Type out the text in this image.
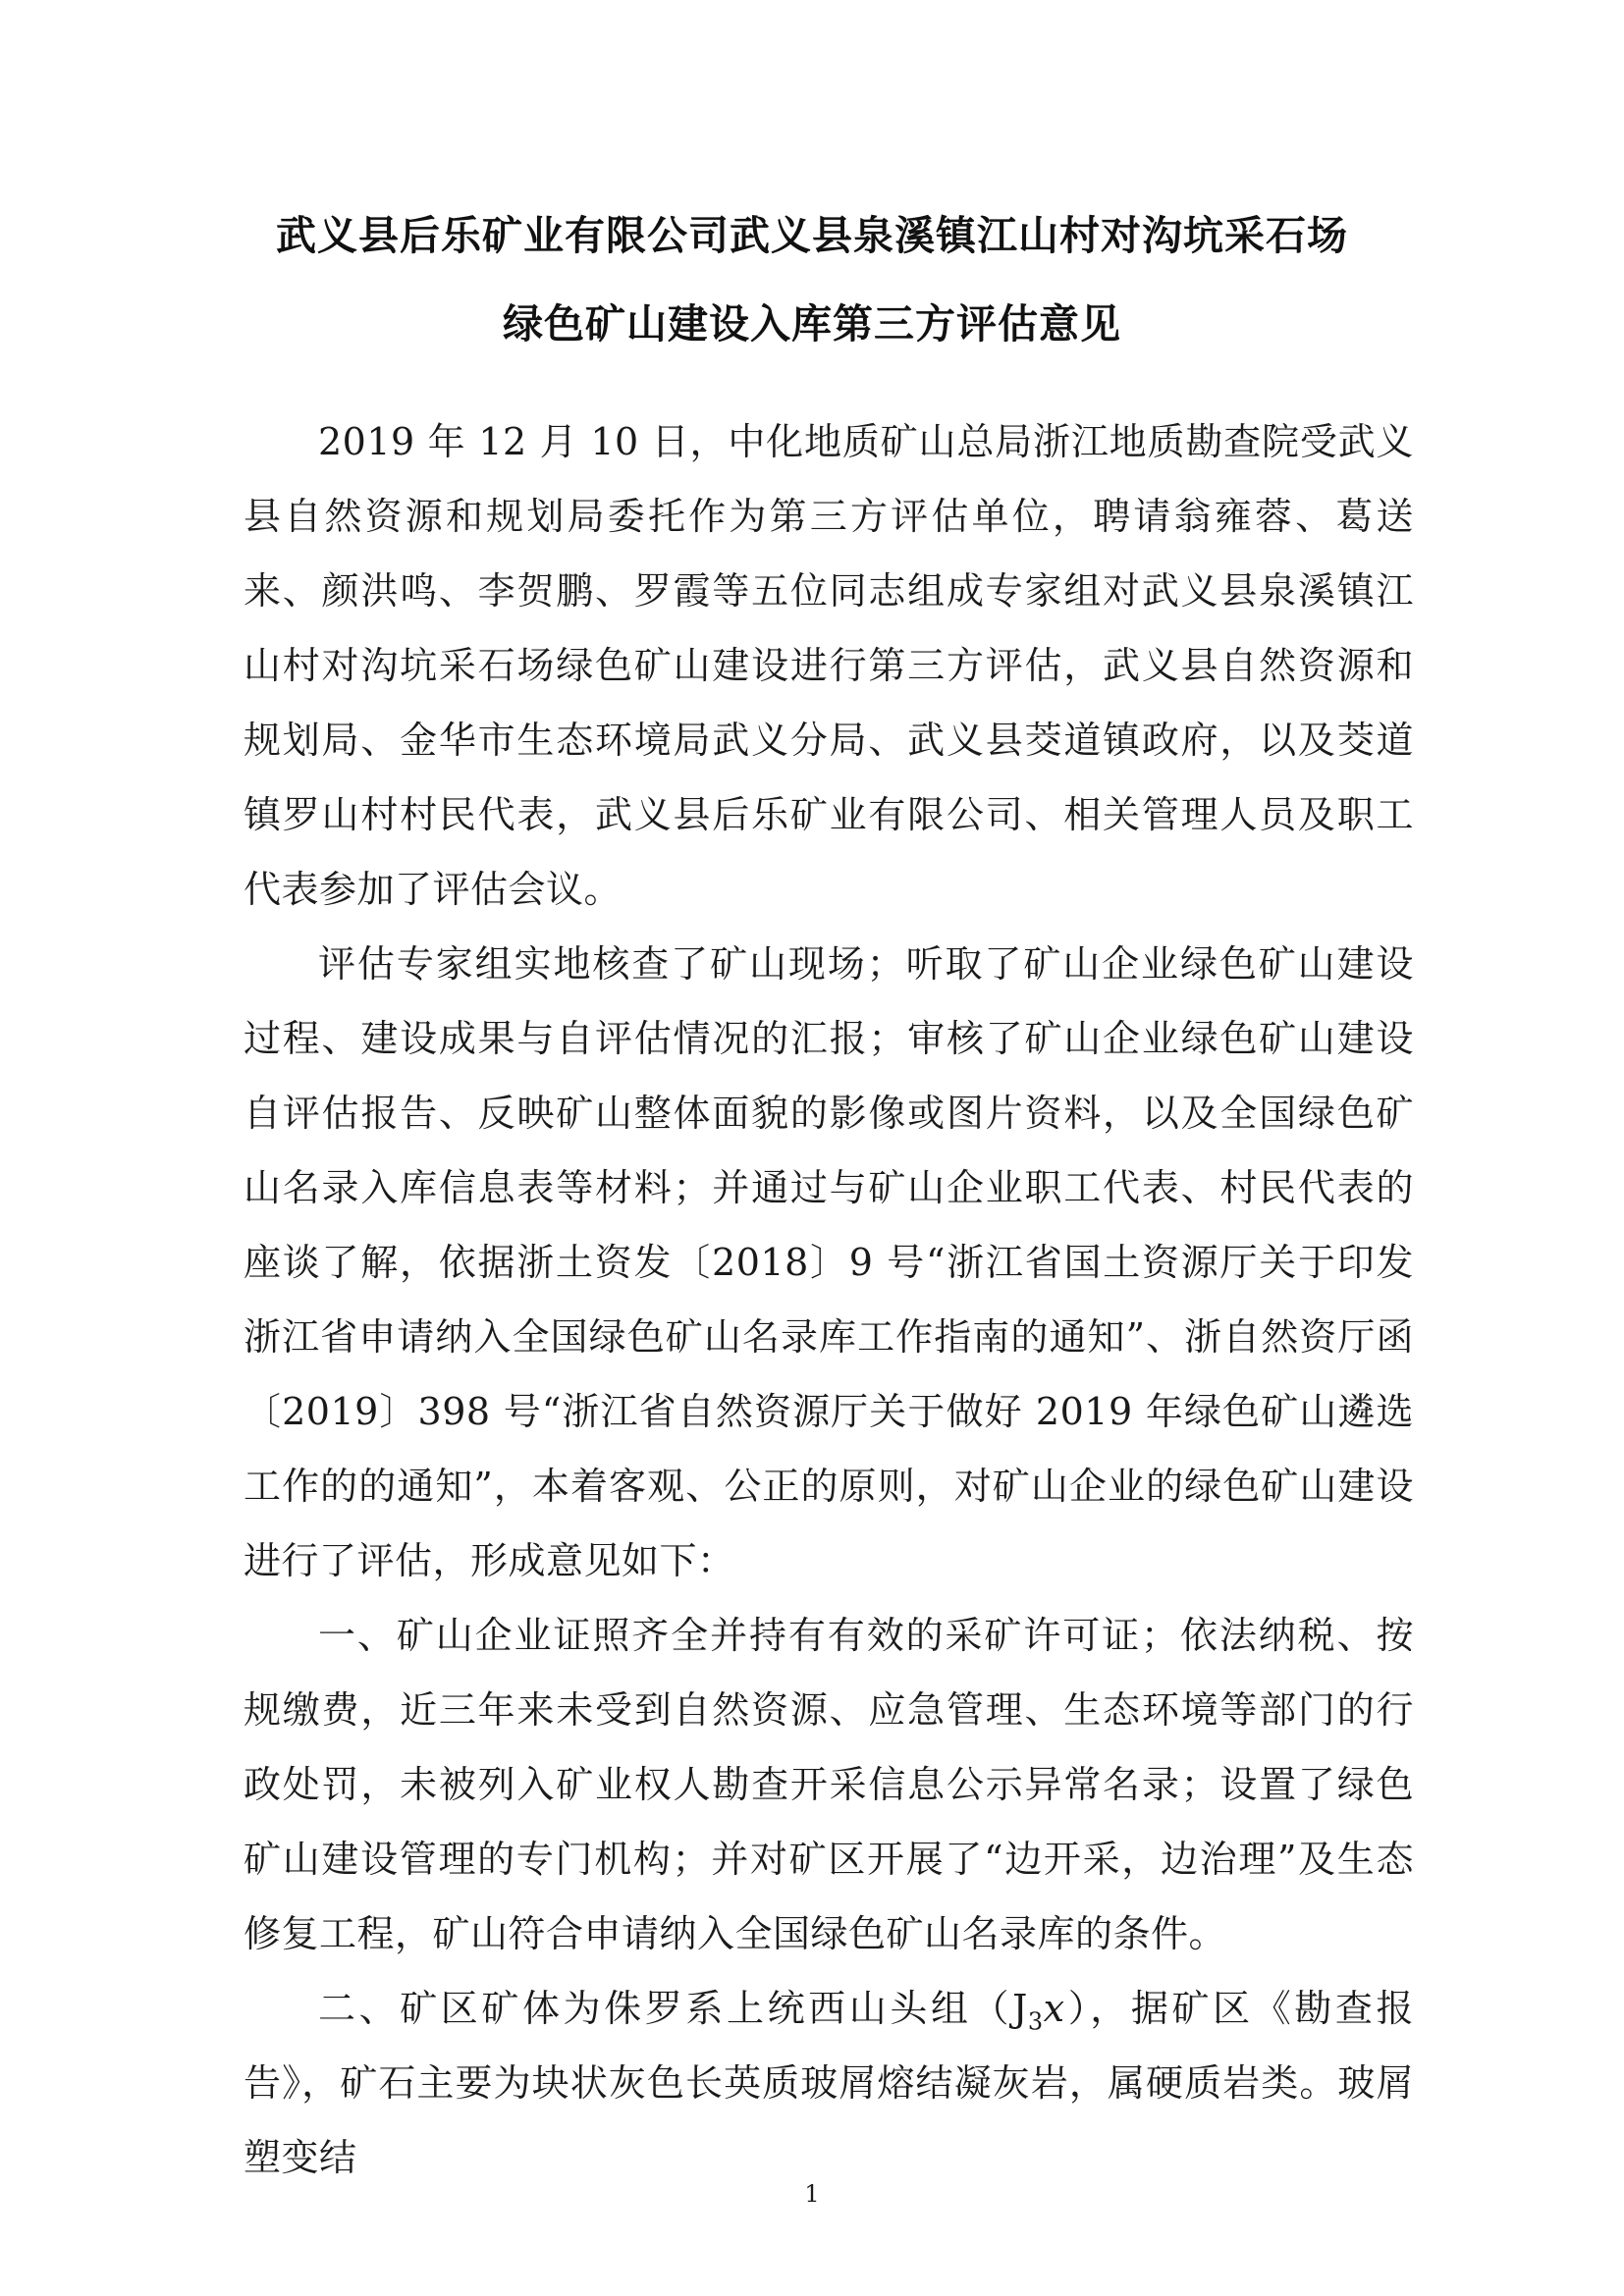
武义县后乐矿业有限公司武义县泉溪镇江山村对沟坑采石场
绿色矿山建设入库第三方评估意见

2019 年 12 月 10 日，中化地质矿山总局浙江地质勘查院受武义县自然资源和规划局委托作为第三方评估单位，聘请翁雍蓉、葛送来、颜洪鸣、李贺鹏、罗霞等五位同志组成专家组对武义县泉溪镇江山村对沟坑采石场绿色矿山建设进行第三方评估，武义县自然资源和规划局、金华市生态环境局武义分局、武义县茭道镇政府，以及茭道镇罗山村村民代表，武义县后乐矿业有限公司、相关管理人员及职工代表参加了评估会议。

评估专家组实地核查了矿山现场；听取了矿山企业绿色矿山建设过程、建设成果与自评估情况的汇报；审核了矿山企业绿色矿山建设自评估报告、反映矿山整体面貌的影像或图片资料，以及全国绿色矿山名录入库信息表等材料；并通过与矿山企业职工代表、村民代表的座谈了解，依据浙土资发〔2018〕9 号“浙江省国土资源厅关于印发浙江省申请纳入全国绿色矿山名录库工作指南的通知”、浙自然资厅函〔2019〕398 号“浙江省自然资源厅关于做好 2019 年绿色矿山遴选工作的的通知”，本着客观、公正的原则，对矿山企业的绿色矿山建设进行了评估，形成意见如下：

一、矿山企业证照齐全并持有有效的采矿许可证；依法纳税、按规缴费，近三年来未受到自然资源、应急管理、生态环境等部门的行政处罚，未被列入矿业权人勘查开采信息公示异常名录；设置了绿色矿山建设管理的专门机构；并对矿区开展了“边开采，边治理”及生态修复工程，矿山符合申请纳入全国绿色矿山名录库的条件。

二、矿区矿体为侏罗系上统西山头组$(J_3x)$，据矿区《勘查报告》，矿石主要为块状灰色长英质玻屑熔结凝灰岩，属硬质岩类。玻屑塑变结

1
